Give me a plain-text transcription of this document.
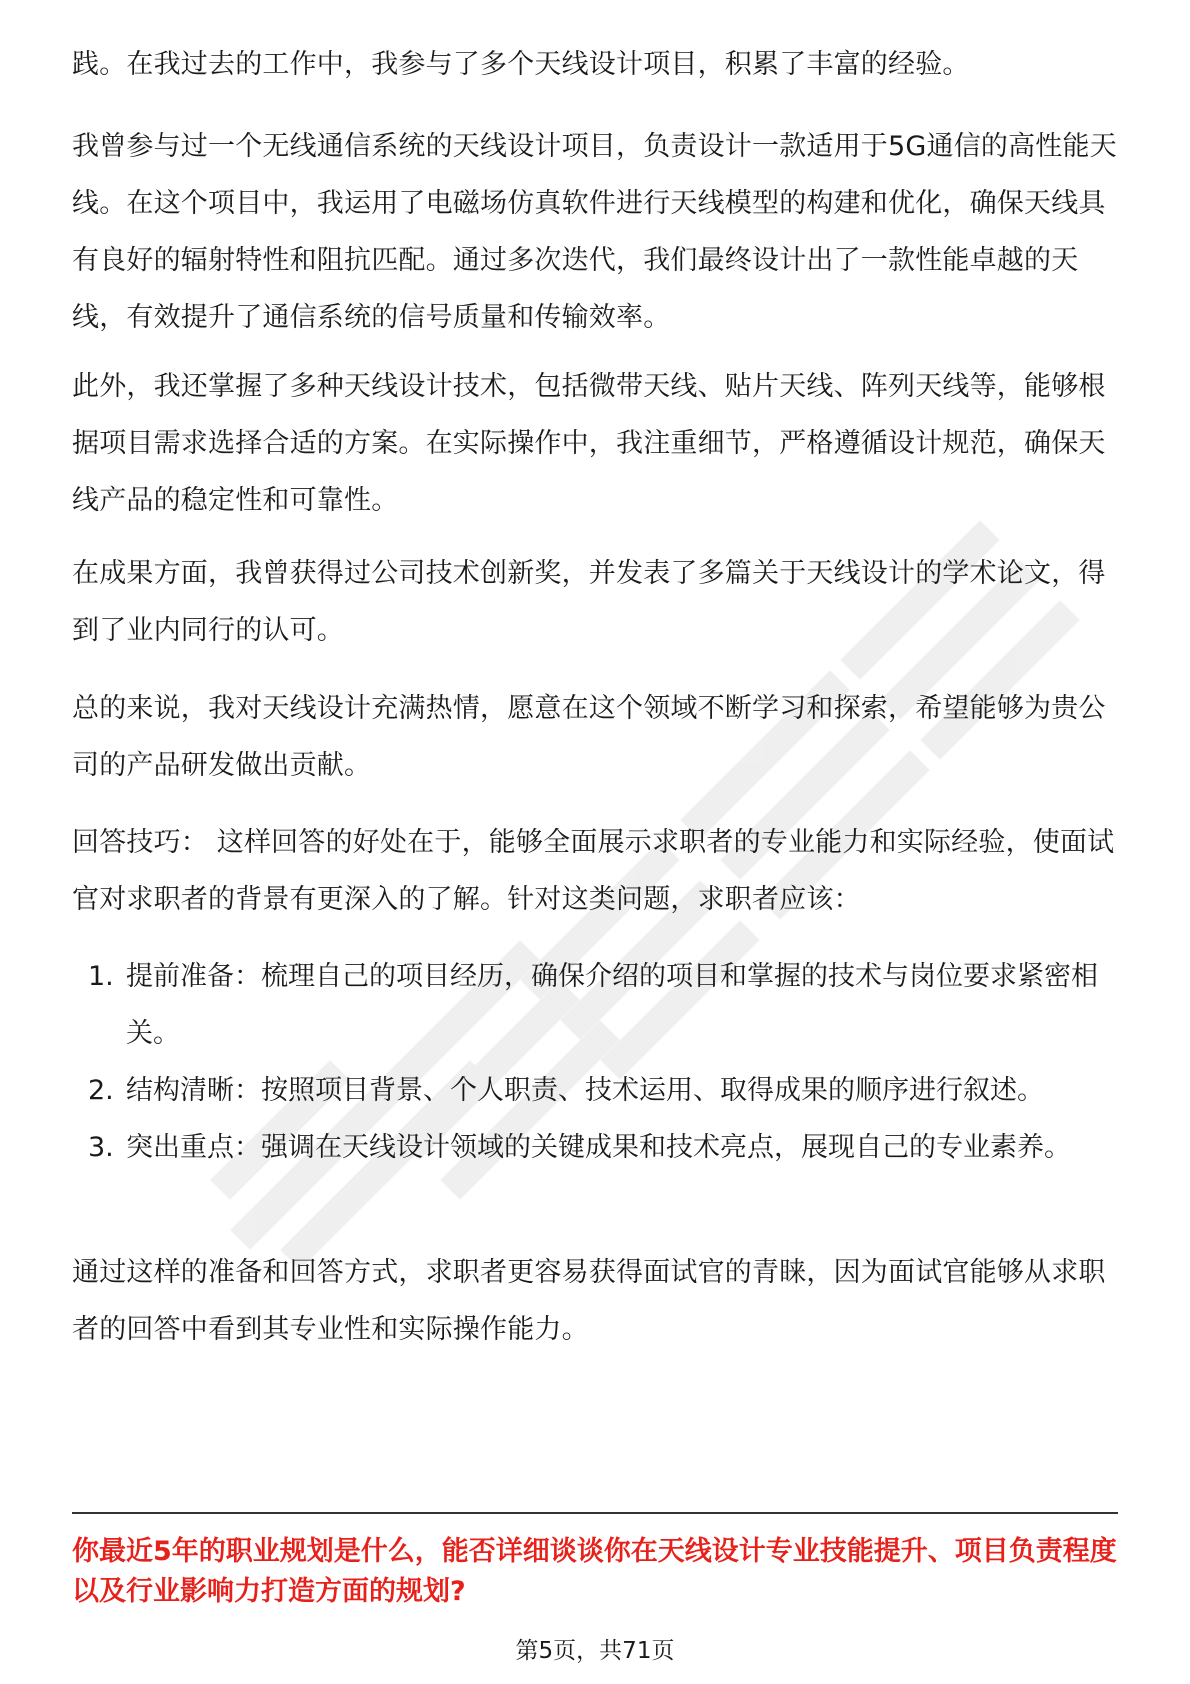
践。在我过去的工作中，我参与了多个天线设计项目，积累了丰富的经验。

我曾参与过一个无线通信系统的天线设计项目，负责设计一款适用于5G通信的高性能天线。在这个项目中，我运用了电磁场仿真软件进行天线模型的构建和优化，确保天线具有良好的辐射特性和阻抗匹配。通过多次迭代，我们最终设计出了一款性能卓越的天线，有效提升了通信系统的信号质量和传输效率。

此外，我还掌握了多种天线设计技术，包括微带天线、贴片天线、阵列天线等，能够根据项目需求选择合适的方案。在实际操作中，我注重细节，严格遵循设计规范，确保天线产品的稳定性和可靠性。

在成果方面，我曾获得过公司技术创新奖，并发表了多篇关于天线设计的学术论文，得到了业内同行的认可。

总的来说，我对天线设计充满热情，愿意在这个领域不断学习和探索，希望能够为贵公司的产品研发做出贡献。

回答技巧： 这样回答的好处在于，能够全面展示求职者的专业能力和实际经验，使面试官对求职者的背景有更深入的了解。针对这类问题，求职者应该：

1. 提前准备：梳理自己的项目经历，确保介绍的项目和掌握的技术与岗位要求紧密相关。
2. 结构清晰：按照项目背景、个人职责、技术运用、取得成果的顺序进行叙述。
3. 突出重点：强调在天线设计领域的关键成果和技术亮点，展现自己的专业素养。

通过这样的准备和回答方式，求职者更容易获得面试官的青睐，因为面试官能够从求职者的回答中看到其专业性和实际操作能力。

你最近5年的职业规划是什么，能否详细谈谈你在天线设计专业技能提升、项目负责程度以及行业影响力打造方面的规划?

第5页，共71页
